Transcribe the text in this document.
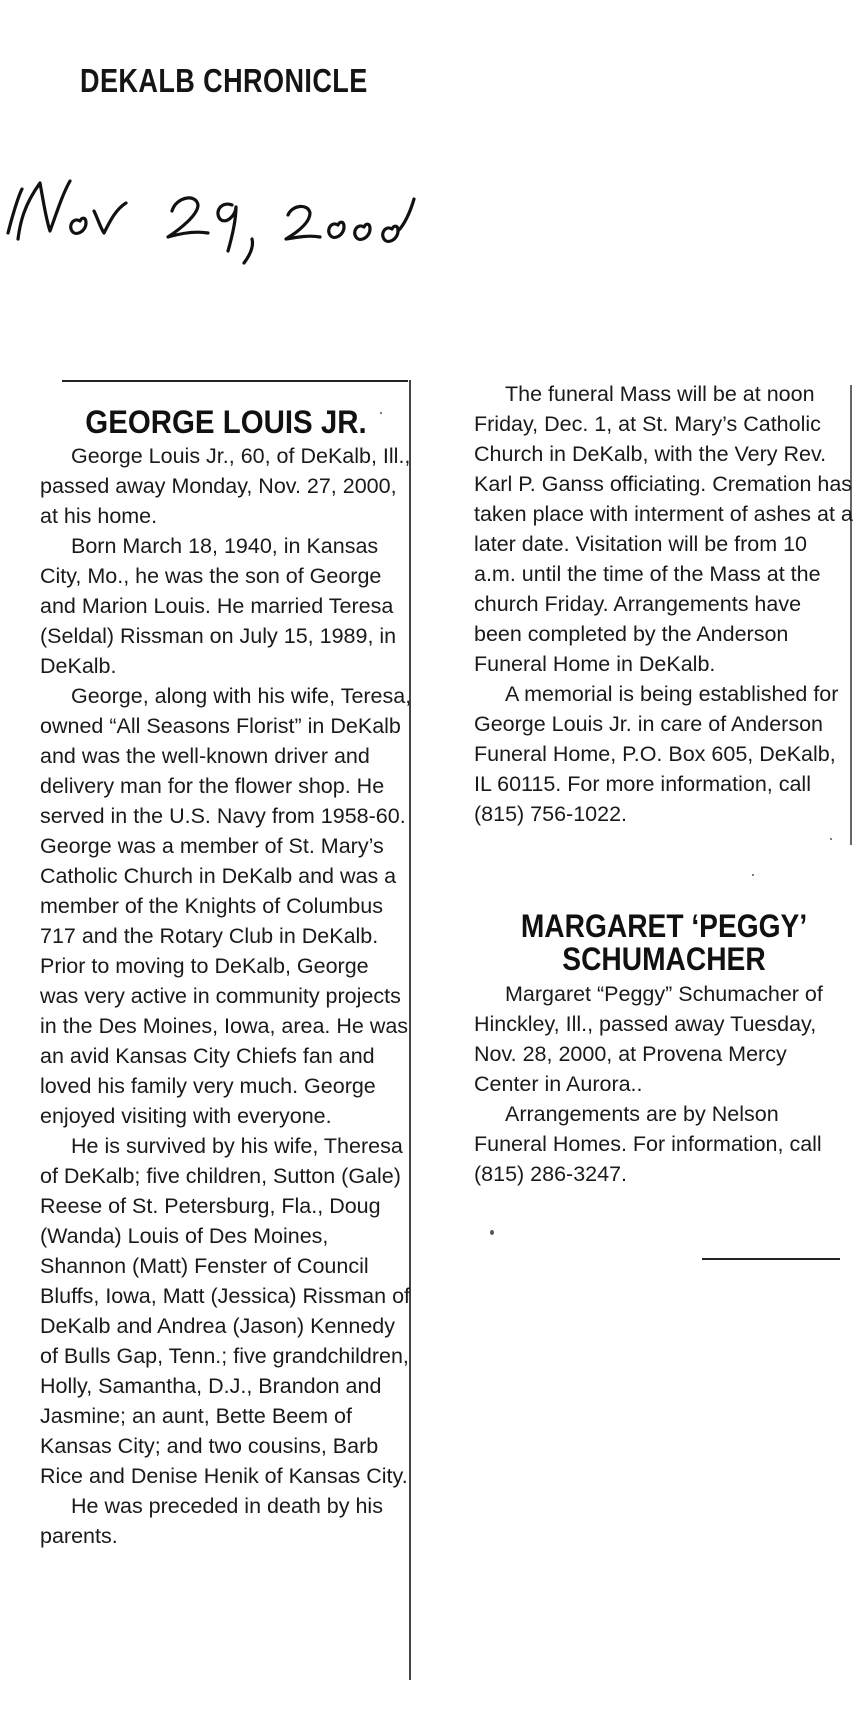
DEKALB CHRONICLE
GEORGE LOUIS JR.

George Louis Jr., 60, of DeKalb, Ill., passed away Monday, Nov. 27, 2000, at his home.

Born March 18, 1940, in Kansas City, Mo., he was the son of George and Marion Louis. He married Teresa (Seldal) Rissman on July 15, 1989, in DeKalb.

George, along with his wife, Teresa, owned “All Seasons Florist” in DeKalb and was the well-known driver and delivery man for the flower shop. He served in the U.S. Navy from 1958-60. George was a member of St. Mary’s Catholic Church in DeKalb and was a member of the Knights of Columbus 717 and the Rotary Club in DeKalb. Prior to moving to DeKalb, George was very active in community projects in the Des Moines, Iowa, area. He was an avid Kansas City Chiefs fan and loved his family very much. George enjoyed visiting with everyone.

He is survived by his wife, Theresa of DeKalb; five children, Sutton (Gale) Reese of St. Petersburg, Fla., Doug (Wanda) Louis of Des Moines, Shannon (Matt) Fenster of Council Bluffs, Iowa, Matt (Jessica) Rissman of DeKalb and Andrea (Jason) Kennedy of Bulls Gap, Tenn.; five grandchildren, Holly, Samantha, D.J., Brandon and Jasmine; an aunt, Bette Beem of Kansas City; and two cousins, Barb Rice and Denise Henik of Kansas City.

He was preceded in death by his parents.

The funeral Mass will be at noon Friday, Dec. 1, at St. Mary’s Catholic Church in DeKalb, with the Very Rev. Karl P. Ganss officiating. Cremation has taken place with interment of ashes at a later date. Visitation will be from 10 a.m. until the time of the Mass at the church Friday. Arrangements have been completed by the Anderson Funeral Home in DeKalb.

A memorial is being established for George Louis Jr. in care of Anderson Funeral Home, P.O. Box 605, DeKalb, IL 60115. For more information, call (815) 756-1022.

MARGARET ‘PEGGY’
SCHUMACHER

Margaret “Peggy” Schumacher of Hinckley, Ill., passed away Tuesday, Nov. 28, 2000, at Provena Mercy Center in Aurora..

Arrangements are by Nelson Funeral Homes. For information, call (815) 286-3247.
